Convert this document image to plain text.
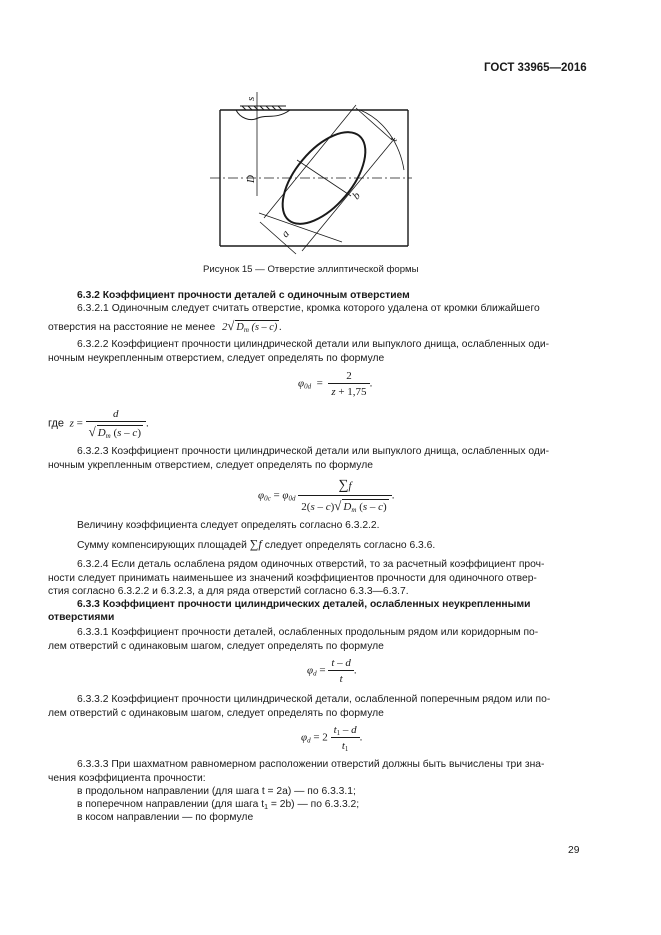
ГОСТ 33965—2016
s
D
a
b
t
Рисунок 15 — Отверстие эллиптической формы
6.3.2 Коэффициент прочности деталей с одиночным отверстием
6.3.2.1 Одиночным следует считать отверстие, кромка которого удалена от кромки ближайшего
отверстия на расстояние не менее 2√ $D_m$ (s – c) .
6.3.2.2 Коэффициент прочности цилиндрической детали или выпуклого днища, ослабленных оди-
ночным неукрепленным отверстием, следует определять по формуле
$\varphi_{0d} = \frac{2}{z + 1,75}$ .
где $z = \frac{d}{√ D_m (s - c)}$ .
6.3.2.3 Коэффициент прочности цилиндрической детали или выпуклого днища, ослабленных оди-
ночным укрепленным отверстием, следует определять по формуле
$\varphi_{0c} = \varphi_{0d} \frac{\sum f}{2(s - c)√ D_m (s - c)}$ .
Величину коэффициента следует определять согласно 6.3.2.2.
Сумму компенсирующих площадей ∑f следует определять согласно 6.3.6.
6.3.2.4 Если деталь ослаблена рядом одиночных отверстий, то за расчетный коэффициент проч-
ности следует принимать наименьшее из значений коэффициентов прочности для одиночного отвер-
стия согласно 6.3.2.2 и 6.3.2.3, а для ряда отверстий согласно 6.3.3—6.3.7.
6.3.3 Коэффициент прочности цилиндрических деталей, ослабленных неукрепленными
отверстиями
6.3.3.1 Коэффициент прочности деталей, ослабленных продольным рядом или коридорным по-
лем отверстий с одинаковым шагом, следует определять по формуле
$\varphi_d = \frac{t - d}{t}$ .
6.3.3.2 Коэффициент прочности цилиндрической детали, ослабленной поперечным рядом или по-
лем отверстий с одинаковым шагом, следует определять по формуле
$\varphi_d = 2 \frac{t_1 - d}{t_1}$ .
6.3.3.3 При шахматном равномерном расположении отверстий должны быть вычислены три зна-
чения коэффициента прочности:
в продольном направлении (для шага t = 2a) — по 6.3.3.1;
в поперечном направлении (для шага $t_1 = 2b$) — по 6.3.3.2;
в косом направлении — по формуле
29
